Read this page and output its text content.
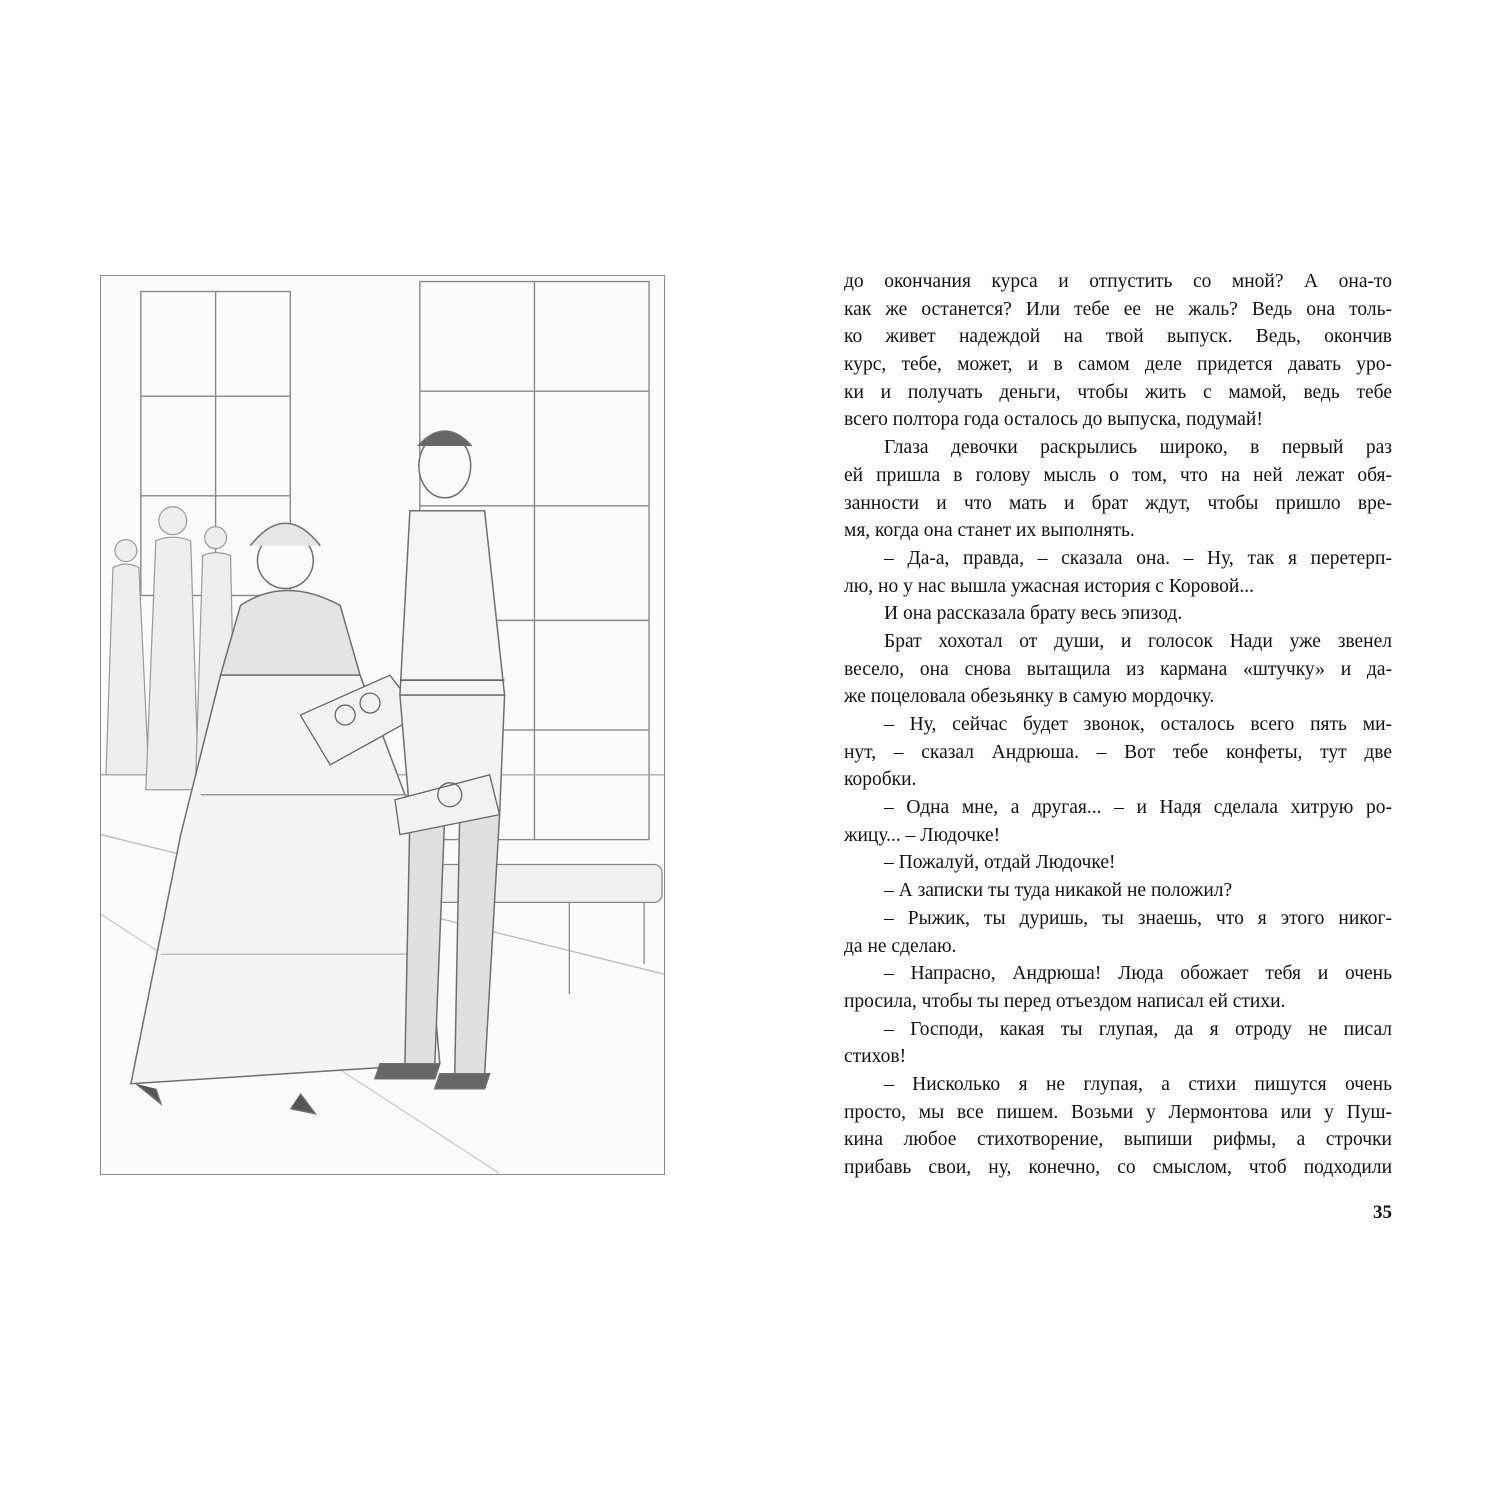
до окончания курса и отпустить со мной? А она-то
как же останется? Или тебе ее не жаль? Ведь она толь-
ко живет надеждой на твой выпуск. Ведь, окончив
курс, тебе, может, и в самом деле придется давать уро-
ки и получать деньги, чтобы жить с мамой, ведь тебе
всего полтора года осталось до выпуска, подумай!
Глаза девочки раскрылись широко, в первый раз
ей пришла в голову мысль о том, что на ней лежат обя-
занности и что мать и брат ждут, чтобы пришло вре-
мя, когда она станет их выполнять.
– Да-а, правда, – сказала она. – Ну, так я перетерп-
лю, но у нас вышла ужасная история с Коровой...
И она рассказала брату весь эпизод.
Брат хохотал от души, и голосок Нади уже звенел
весело, она снова вытащила из кармана «штучку» и да-
же поцеловала обезьянку в самую мордочку.
– Ну, сейчас будет звонок, осталось всего пять ми-
нут, – сказал Андрюша. – Вот тебе конфеты, тут две
коробки.
– Одна мне, а другая... – и Надя сделала хитрую ро-
жицу... – Людочке!
– Пожалуй, отдай Людочке!
– А записки ты туда никакой не положил?
– Рыжик, ты дуришь, ты знаешь, что я этого никог-
да не сделаю.
– Напрасно, Андрюша! Люда обожает тебя и очень
просила, чтобы ты перед отъездом написал ей стихи.
– Господи, какая ты глупая, да я отроду не писал
стихов!
– Нисколько я не глупая, а стихи пишутся очень
просто, мы все пишем. Возьми у Лермонтова или у Пуш-
кина любое стихотворение, выпиши рифмы, а строчки
прибавь свои, ну, конечно, со смыслом, чтоб подходили
35
